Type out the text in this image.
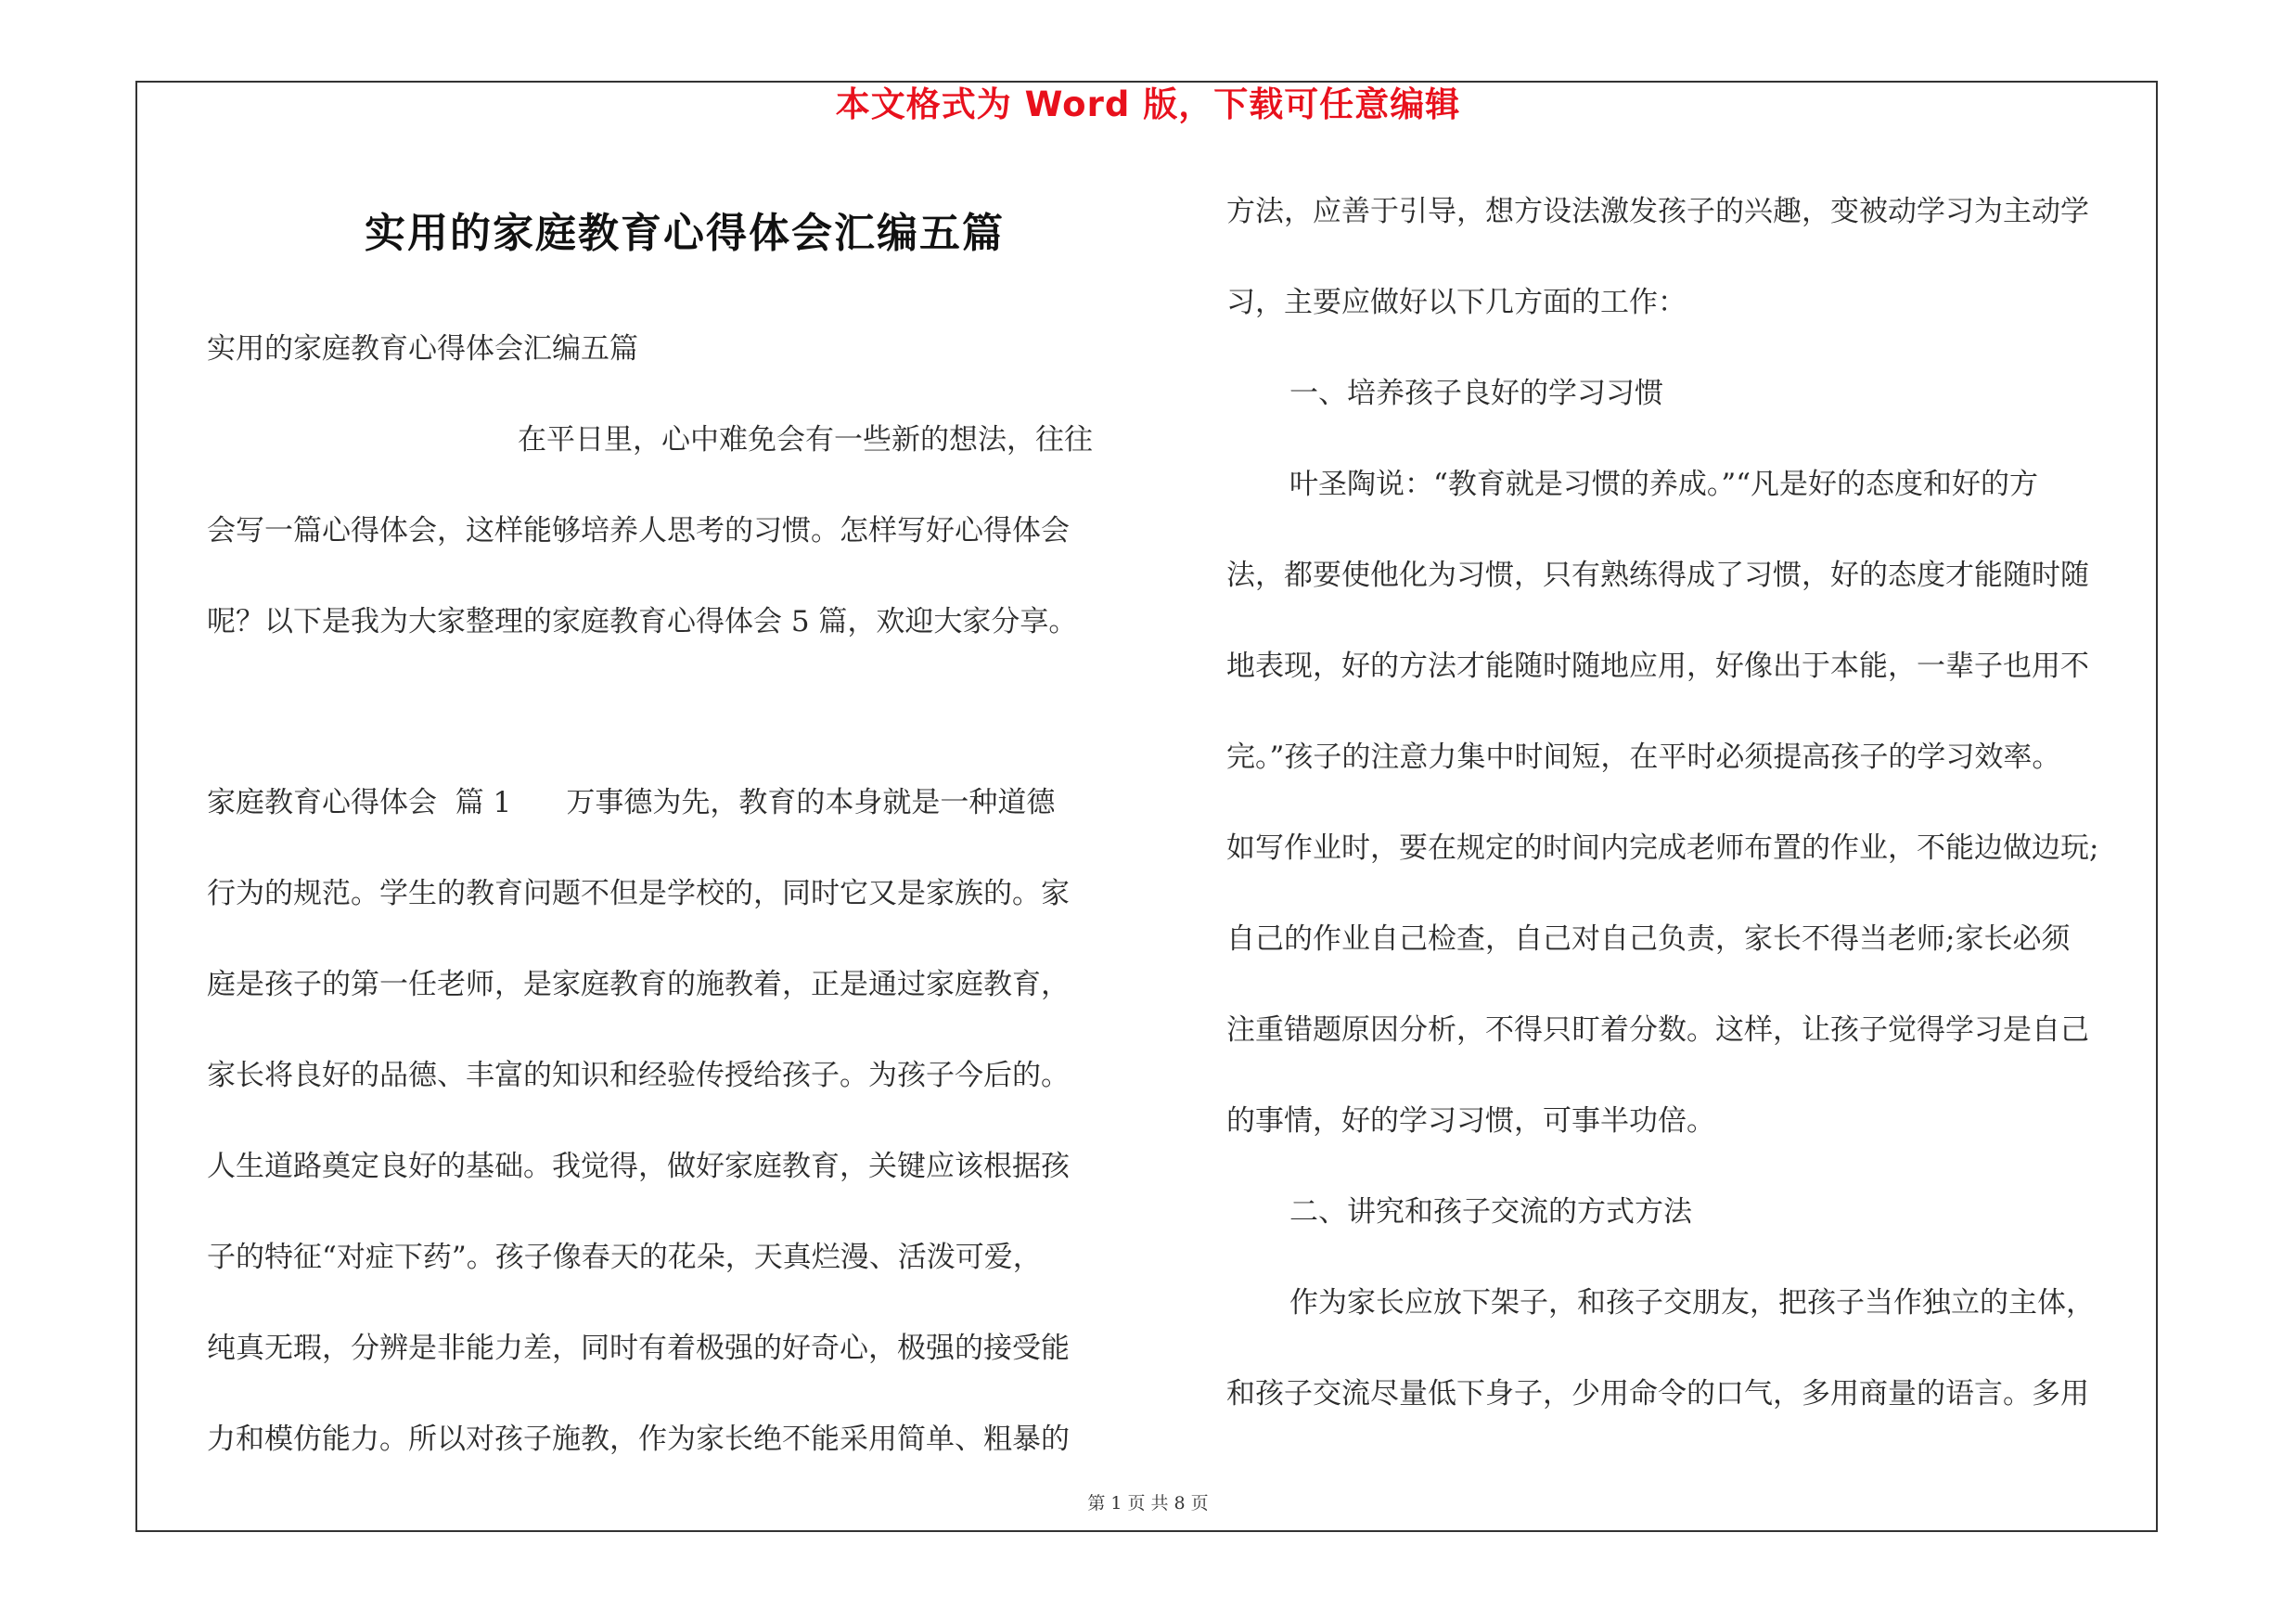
本文格式为 Word 版，下载可任意编辑
实用的家庭教育心得体会汇编五篇
实用的家庭教育心得体会汇编五篇
在平日里，心中难免会有一些新的想法，往往
会写一篇心得体会，这样能够培养人思考的习惯。怎样写好心得体会
呢？以下是我为大家整理的家庭教育心得体会 5 篇，欢迎大家分享。
家庭教育心得体会  篇 1      万事德为先，教育的本身就是一种道德
行为的规范。学生的教育问题不但是学校的，同时它又是家族的。家
庭是孩子的第一任老师，是家庭教育的施教着，正是通过家庭教育，
家长将良好的品德、丰富的知识和经验传授给孩子。为孩子今后的。
人生道路奠定良好的基础。我觉得，做好家庭教育，关键应该根据孩
子的特征“对症下药”。孩子像春天的花朵，天真烂漫、活泼可爱，
纯真无瑕，分辨是非能力差，同时有着极强的好奇心，极强的接受能
力和模仿能力。所以对孩子施教，作为家长绝不能采用简单、粗暴的
方法，应善于引导，想方设法激发孩子的兴趣，变被动学习为主动学
习，主要应做好以下几方面的工作：
一、培养孩子良好的学习习惯
叶圣陶说：“教育就是习惯的养成。”“凡是好的态度和好的方
法，都要使他化为习惯，只有熟练得成了习惯，好的态度才能随时随
地表现，好的方法才能随时随地应用，好像出于本能，一辈子也用不
完。”孩子的注意力集中时间短，在平时必须提高孩子的学习效率。
如写作业时，要在规定的时间内完成老师布置的作业，不能边做边玩;
自己的作业自己检查，自己对自己负责，家长不得当老师;家长必须
注重错题原因分析，不得只盯着分数。这样，让孩子觉得学习是自己
的事情，好的学习习惯，可事半功倍。
二、讲究和孩子交流的方式方法
作为家长应放下架子，和孩子交朋友，把孩子当作独立的主体，
和孩子交流尽量低下身子，少用命令的口气，多用商量的语言。多用
第 1 页 共 8 页
